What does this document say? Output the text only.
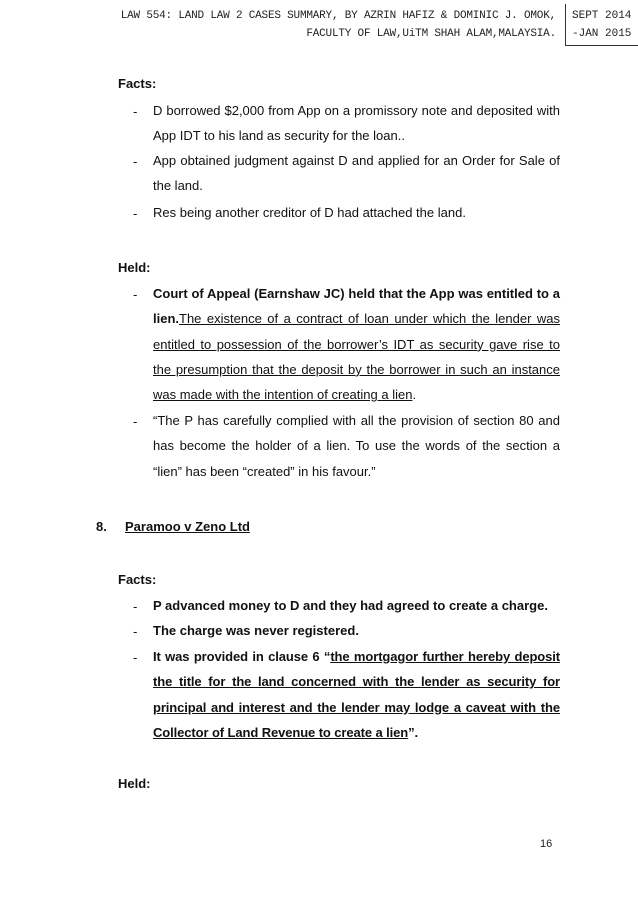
LAW 554: LAND LAW 2 CASES SUMMARY, BY AZRIN HAFIZ & DOMINIC J. OMOK,
FACULTY OF LAW,UiTM SHAH ALAM,MALAYSIA.
SEPT 2014
-JAN 2015
Facts:
- D borrowed $2,000 from App on a promissory note and deposited with App IDT to his land as security for the loan..
- App obtained judgment against D and applied for an Order for Sale of the land.
- Res being another creditor of D had attached the land.
Held:
- Court of Appeal (Earnshaw JC) held that the App was entitled to a lien.The existence of a contract of loan under which the lender was entitled to possession of the borrower’s IDT as security gave rise to the presumption that the deposit by the borrower in such an instance was made with the intention of creating a lien.
- “The P has carefully complied with all the provision of section 80 and has become the holder of a lien. To use the words of the section a “lien” has been “created” in his favour.”
8. Paramoo v Zeno Ltd
Facts:
- P advanced money to D and they had agreed to create a charge.
- The charge was never registered.
- It was provided in clause 6 “the mortgagor further hereby deposit the title for the land concerned with the lender as security for principal and interest and the lender may lodge a caveat with the Collector of Land Revenue to create a lien”.
Held:
16
